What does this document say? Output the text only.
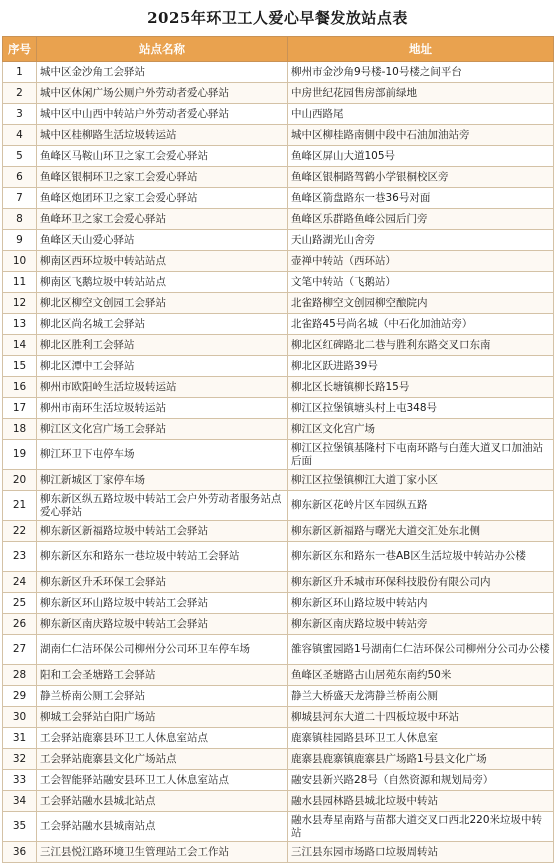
2025年环卫工人爱心早餐发放站点表
序号	站点名称	地址
1	城中区金沙角工会驿站	柳州市金沙角9号楼-10号楼之间平台
2	城中区休闲广场公厕户外劳动者爱心驿站	中房世纪花园售房部前绿地
3	城中区中山西中转站户外劳动者爱心驿站	中山西路尾
4	城中区桂柳路生活垃圾转运站	城中区柳桂路南側中段中石油加油站旁
5	鱼峰区马鞍山环卫之家工会爱心驿站	鱼峰区屏山大道105号
6	鱼峰区银桐环卫之家工会爱心驿站	鱼峰区银桐路驾鹤小学银桐校区旁
7	鱼峰区炮团环卫之家工会爱心驿站	鱼峰区箭盘路东一巷36号对面
8	鱼峰环卫之家工会爱心驿站	鱼峰区乐群路鱼峰公园后门旁
9	鱼峰区天山爱心驿站	天山路湖光山舍旁
10	柳南区西环垃圾中转站站点	壶禅中转站（西环站）
11	柳南区飞鹅垃圾中转站站点	文笔中转站（飞鹅站）
12	柳北区柳空文创园工会驿站	北雀路柳空文创园柳空酿院内
13	柳北区尚名城工会驿站	北雀路45号尚名城（中石化加油站旁）
14	柳北区胜利工会驿站	柳北区红碑路北二巷与胜利东路交叉口东南
15	柳北区潭中工会驿站	柳北区跃进路39号
16	柳州市欧阳岭生活垃圾转运站	柳北区长塘镇柳长路15号
17	柳州市南环生活垃圾转运站	柳江区拉堡镇塘头村上屯348号
18	柳江区文化宫广场工会驿站	柳江区文化宫广场
19	柳江环卫下屯停车场	柳江区拉堡镇基隆村下屯南环路与白莲大道叉口加油站后面
20	柳江新城区丁家停车场	柳江区拉堡镇柳江大道丁家小区
21	柳东新区纵五路垃圾中转站工会户外劳动者服务站点爱心驿站	柳东新区花岭片区车园纵五路
22	柳东新区新福路垃圾中转站工会驿站	柳东新区新福路与曙光大道交汇处东北侧
23	柳东新区东和路东一巷垃圾中转站工会驿站	柳东新区东和路东一巷AB区生活垃圾中转站办公楼
24	柳东新区升禾环保工会驿站	柳东新区升禾城市环保科技股份有限公司内
25	柳东新区环山路垃圾中转站工会驿站	柳东新区环山路垃圾中转站内
26	柳东新区南庆路垃圾中转站工会驿站	柳东新区南庆路垃圾中转站旁
27	湖南仁仁洁环保公司柳州分公司环卫车停车场	雒容镇蜜园路1号湖南仁仁洁环保公司柳州分公司办公楼
28	阳和工会圣塘路工会驿站	鱼峰区圣塘路古山居苑东南约50米
29	静兰桥南公厕工会驿站	静兰大桥盛天龙湾静兰桥南公厕
30	柳城工会驿站白阳广场站	柳城县河东大道二十四板垃圾中环站
31	工会驿站鹿寨县环卫工人休息室站点	鹿寨镇桂园路县环卫工人休息室
32	工会驿站鹿寨县文化广场站点	鹿寨县鹿寨镇鹿寨县广场路1号县文化广场
33	工会智能驿站融安县环卫工人休息室站点	融安县新兴路28号（自然资源和规划局旁）
34	工会驿站融水县城北站点	融水县园林路县城北垃圾中转站
35	工会驿站融水县城南站点	融水县寿星南路与苗都大道交叉口西北220米垃圾中转站
36	三江县悦江路环境卫生管理站工会工作站	三江县东园市场路口垃圾周转站
